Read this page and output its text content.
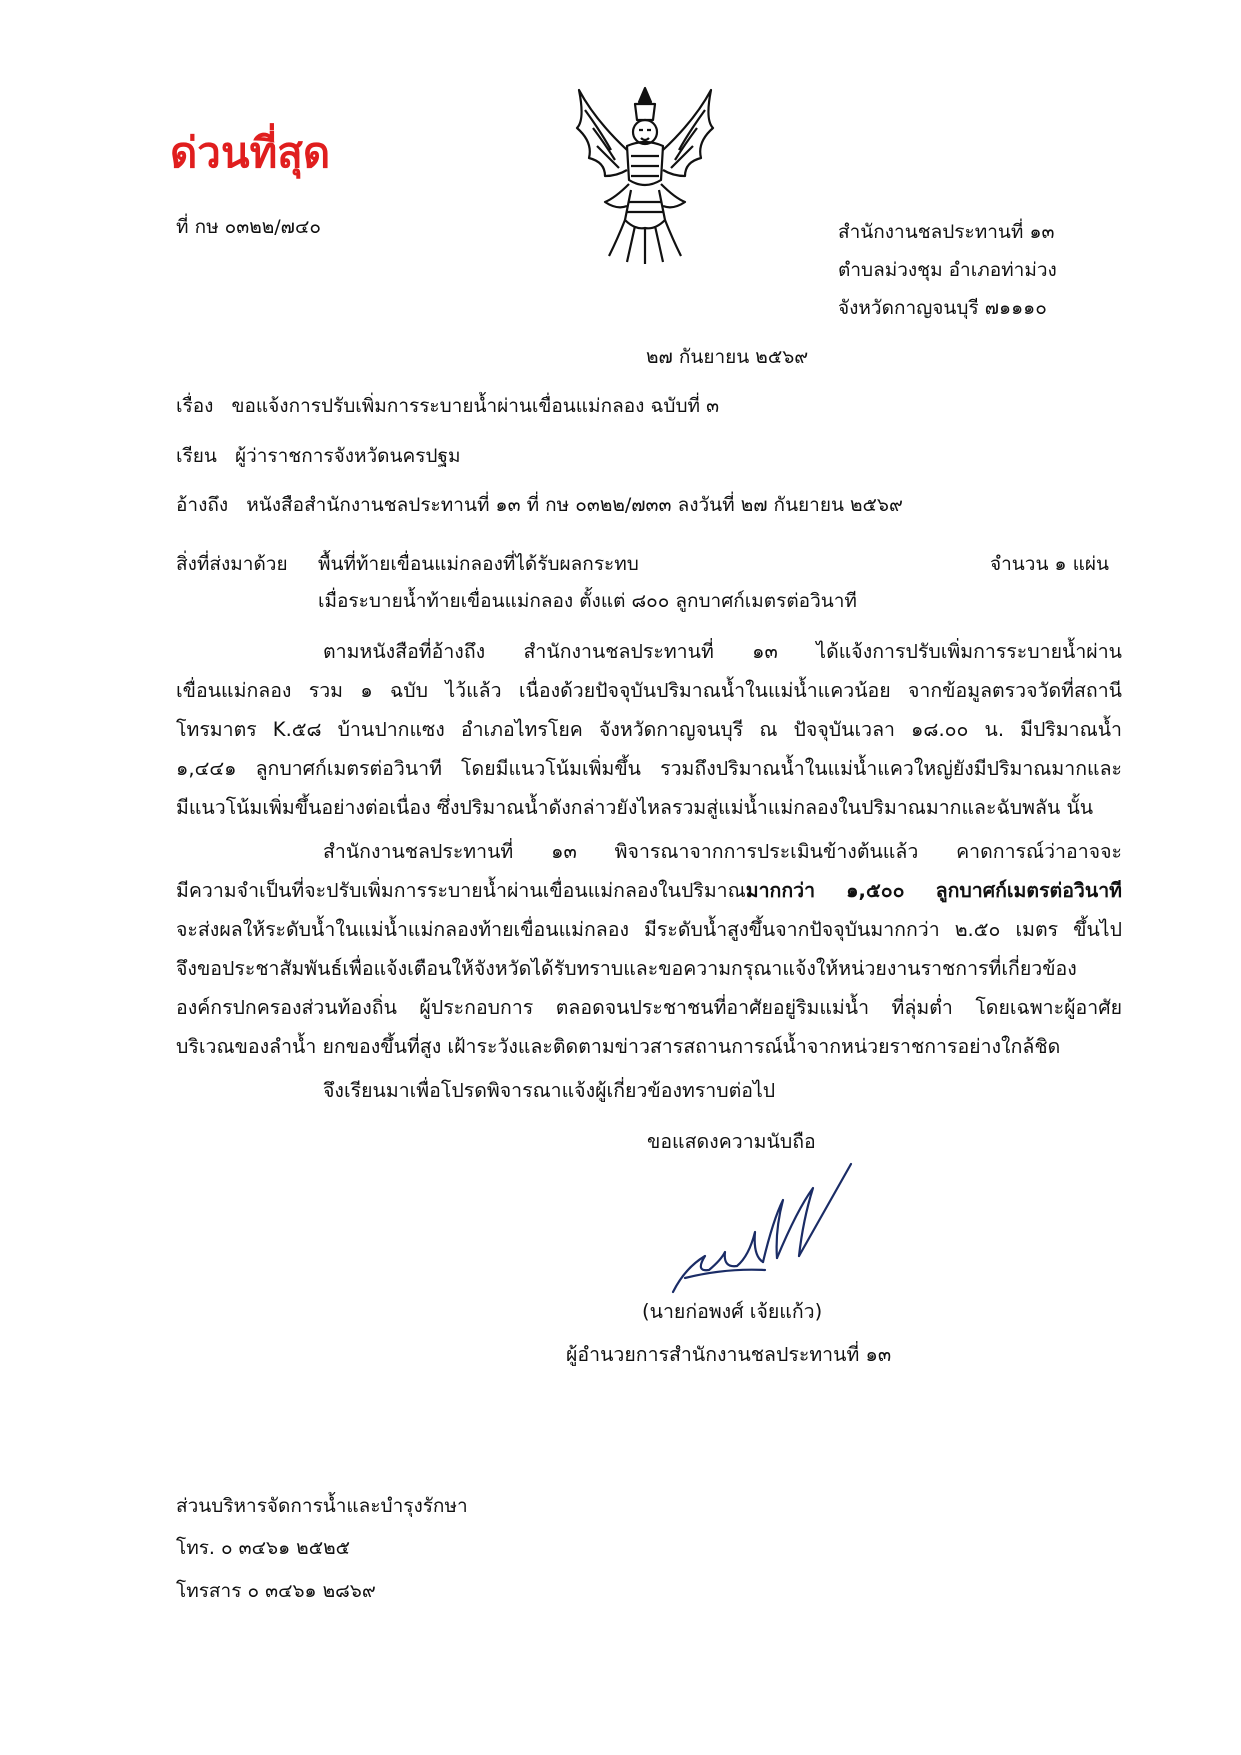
ด่วนที่สุด
ที่ กษ ๐๓๒๒/๗๔๐	สำนักงานชลประทานที่ ๑๓
ตำบลม่วงชุม อำเภอท่าม่วง
จังหวัดกาญจนบุรี ๗๑๑๑๐
๒๗ กันยายน ๒๕๖๙
เรื่อง ขอแจ้งการปรับเพิ่มการระบายน้ำผ่านเขื่อนแม่กลอง ฉบับที่ ๓
เรียน ผู้ว่าราชการจังหวัดนครปฐม
อ้างถึง หนังสือสำนักงานชลประทานที่ ๑๓ ที่ กษ ๐๓๒๒/๗๓๓ ลงวันที่ ๒๗ กันยายน ๒๕๖๙
สิ่งที่ส่งมาด้วย พื้นที่ท้ายเขื่อนแม่กลองที่ได้รับผลกระทบ	จำนวน ๑ แผ่น
เมื่อระบายน้ำท้ายเขื่อนแม่กลอง ตั้งแต่ ๘๐๐ ลูกบาศก์เมตรต่อวินาที
ตามหนังสือที่อ้างถึง สำนักงานชลประทานที่ ๑๓ ได้แจ้งการปรับเพิ่มการระบายน้ำผ่าน
เขื่อนแม่กลอง รวม ๑ ฉบับ ไว้แล้ว เนื่องด้วยปัจจุบันปริมาณน้ำในแม่น้ำแควน้อย จากข้อมูลตรวจวัดที่สถานี
โทรมาตร K.๕๘ บ้านปากแซง อำเภอไทรโยค จังหวัดกาญจนบุรี ณ ปัจจุบันเวลา ๑๘.๐๐ น. มีปริมาณน้ำ
๑,๔๔๑ ลูกบาศก์เมตรต่อวินาที โดยมีแนวโน้มเพิ่มขึ้น รวมถึงปริมาณน้ำในแม่น้ำแควใหญ่ยังมีปริมาณมากและ
มีแนวโน้มเพิ่มขึ้นอย่างต่อเนื่อง ซึ่งปริมาณน้ำดังกล่าวยังไหลรวมสู่แม่น้ำแม่กลองในปริมาณมากและฉับพลัน นั้น
สำนักงานชลประทานที่ ๑๓ พิจารณาจากการประเมินข้างต้นแล้ว คาดการณ์ว่าอาจจะ
มีความจำเป็นที่จะปรับเพิ่มการระบายน้ำผ่านเขื่อนแม่กลองในปริมาณมากกว่า ๑,๕๐๐ ลูกบาศก์เมตรต่อวินาที
จะส่งผลให้ระดับน้ำในแม่น้ำแม่กลองท้ายเขื่อนแม่กลอง มีระดับน้ำสูงขึ้นจากปัจจุบันมากกว่า ๒.๕๐ เมตร ขึ้นไป
จึงขอประชาสัมพันธ์เพื่อแจ้งเตือนให้จังหวัดได้รับทราบและขอความกรุณาแจ้งให้หน่วยงานราชการที่เกี่ยวข้อง
องค์กรปกครองส่วนท้องถิ่น ผู้ประกอบการ ตลอดจนประชาชนที่อาศัยอยู่ริมแม่น้ำ ที่ลุ่มต่ำ โดยเฉพาะผู้อาศัย
บริเวณของลำน้ำ ยกของขึ้นที่สูง เฝ้าระวังและติดตามข่าวสารสถานการณ์น้ำจากหน่วยราชการอย่างใกล้ชิด
จึงเรียนมาเพื่อโปรดพิจารณาแจ้งผู้เกี่ยวข้องทราบต่อไป
ขอแสดงความนับถือ
(นายก่อพงศ์ เจ้ยแก้ว)
ผู้อำนวยการสำนักงานชลประทานที่ ๑๓
ส่วนบริหารจัดการน้ำและบำรุงรักษา
โทร. ๐ ๓๔๖๑ ๒๕๒๕
โทรสาร ๐ ๓๔๖๑ ๒๘๖๙
